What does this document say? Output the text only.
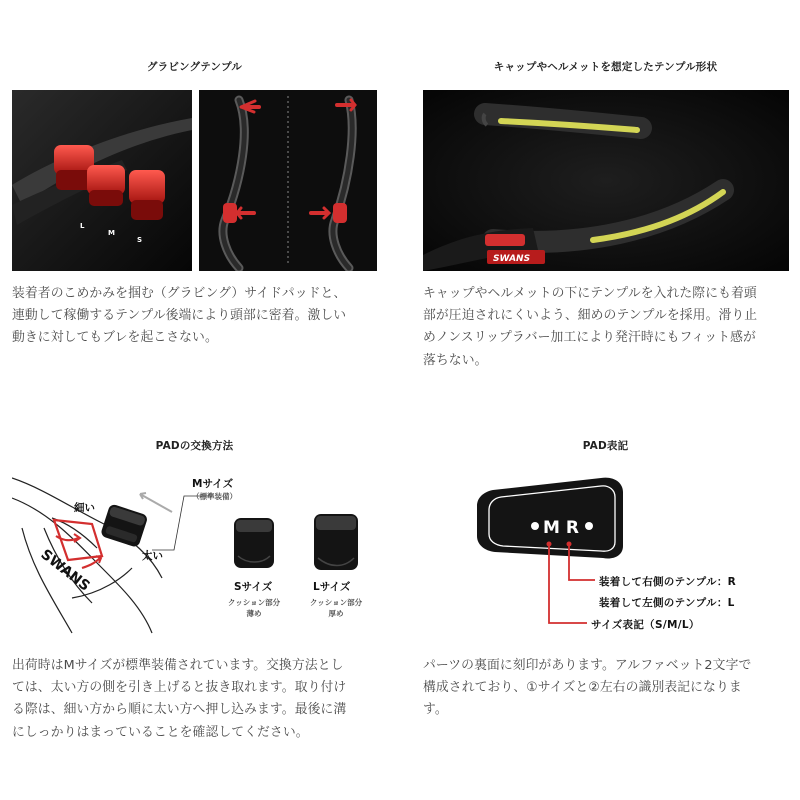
グラビングテンプル
L
M
S
装着者のこめかみを掴む（グラビング）サイドパッドと、
連動して稼働するテンプル後端により頭部に密着。激しい
動きに対してもブレを起こさない。
キャップやヘルメットを想定したテンプル形状
SWANS
キャップやヘルメットの下にテンプルを入れた際にも着頭
部が圧迫されにくいよう、細めのテンプルを採用。滑り止
めノンスリップラバー加工により発汗時にもフィット感が
落ちない。
PADの交換方法
SWANS
Mサイズ
（標準装備）
細い
太い
Sサイズ
クッション部分
薄め
Lサイズ
クッション部分
厚め
出荷時はMサイズが標準装備されています。交換方法とし
ては、太い方の側を引き上げると抜き取れます。取り付け
る際は、細い方から順に太い方へ押し込みます。最後に溝
にしっかりはまっていることを確認してください。
PAD表記
M R
装着して右側のテンプル：R
装着して左側のテンプル：L
サイズ表記（S/M/L）
パーツの裏面に刻印があります。アルファベット2文字で
構成されており、①サイズと②左右の識別表記になりま
す。
